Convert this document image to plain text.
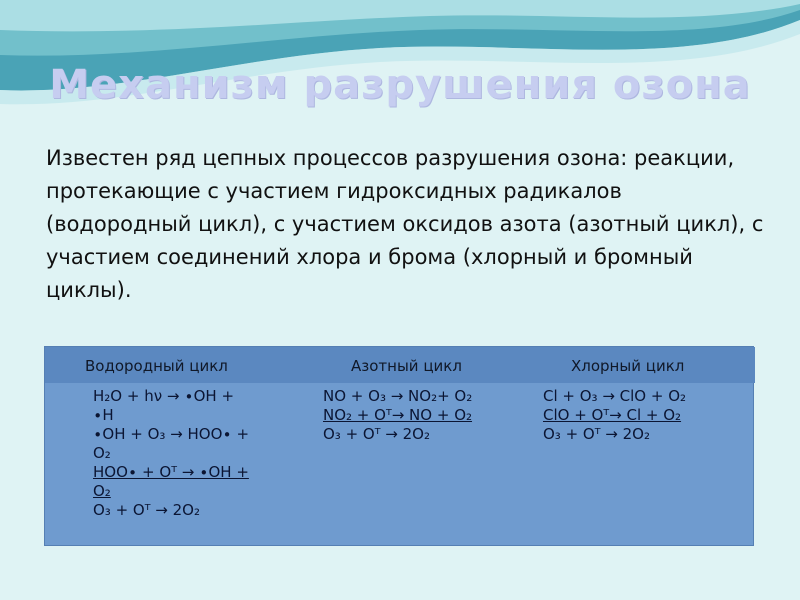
Механизм разрушения озона
Известен ряд цепных процессов разрушения озона: реакции, протекающие с участием гидроксидных радикалов (водородный цикл), с участием оксидов азота (азотный цикл), с участием соединений хлора и брома (хлорный и бромный циклы).
Водородный цикл	Азотный цикл	Хлорный цикл
H₂O + hν → ∙OH +
∙H
∙OH + O₃ → HOO∙ +
O₂
HOO∙ + Oᵀ → ∙OH +
O₂
O₃ + Oᵀ → 2O₂
NO + O₃ → NO₂+ O₂
NO₂ + Oᵀ→ NO + O₂
O₃ + Oᵀ → 2O₂
Cl + O₃ → ClO + O₂
ClO + Oᵀ→ Cl + O₂
O₃ + Oᵀ → 2O₂
